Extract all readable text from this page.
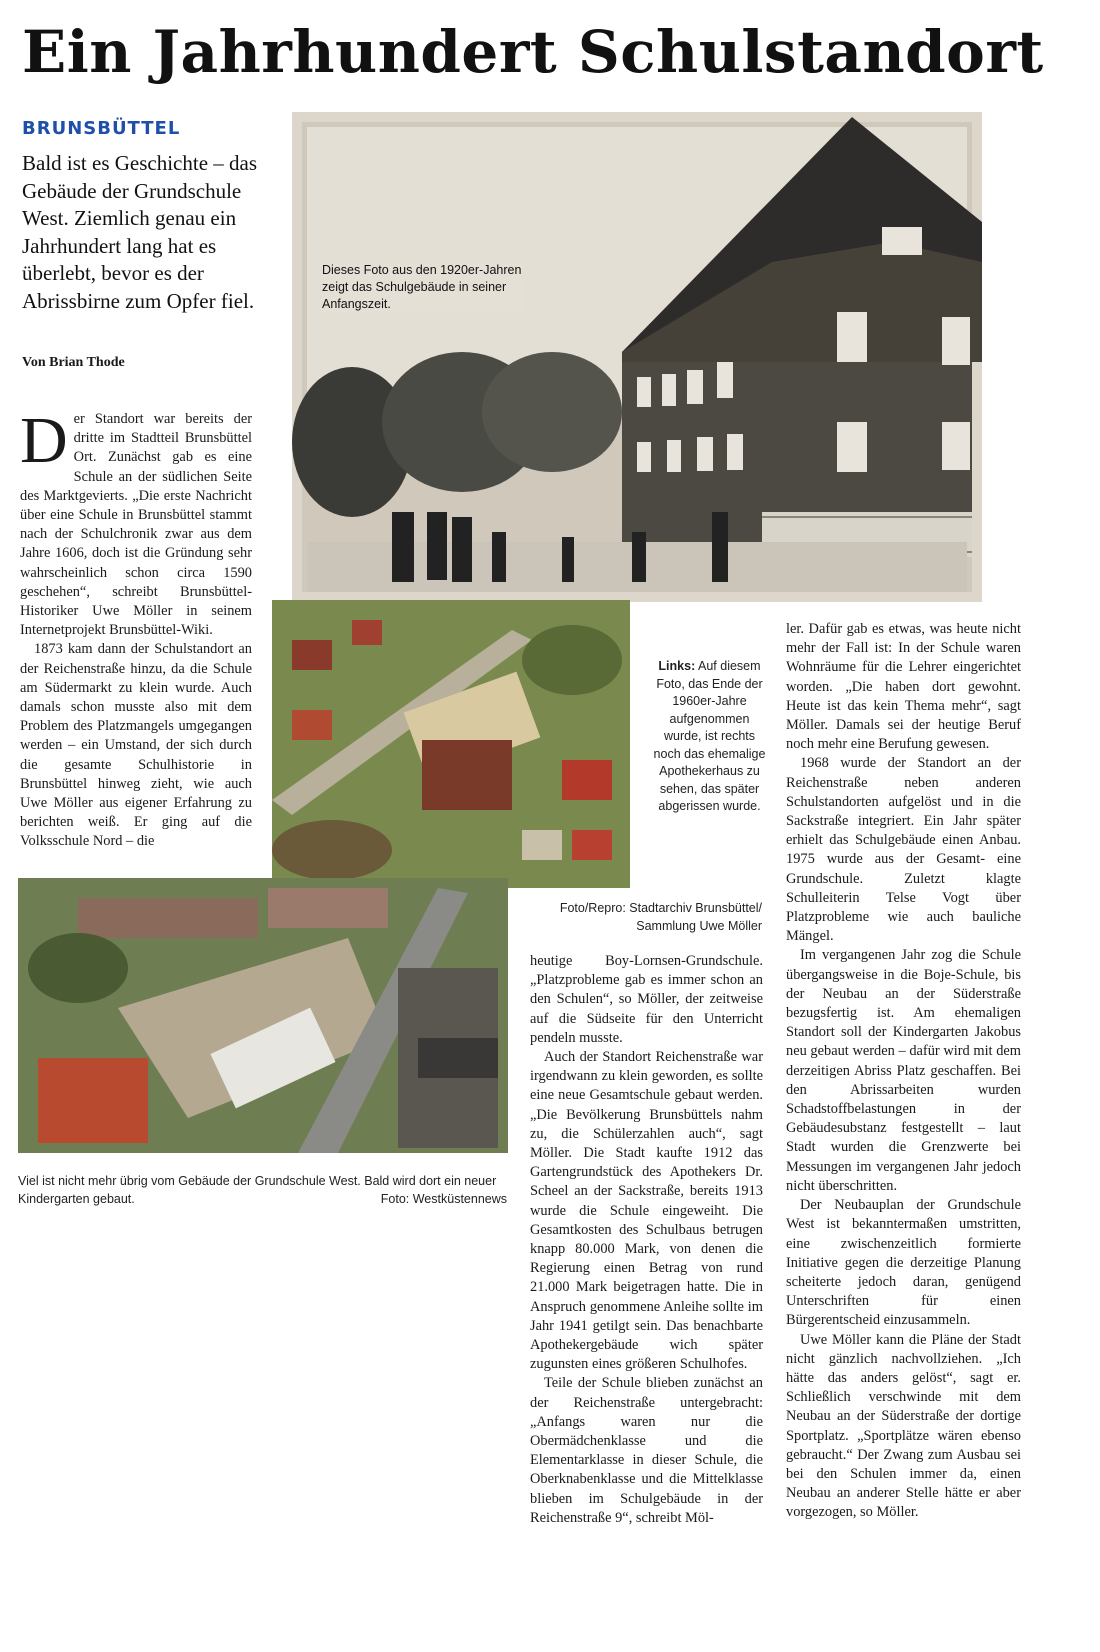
Ein Jahrhundert Schulstandort
BRUNSBÜTTEL
Bald ist es Geschichte – das Gebäude der Grundschule West. Ziemlich genau ein Jahrhundert lang hat es überlebt, bevor es der Abrissbirne zum Opfer fiel.
Von Brian Thode
Dieses Foto aus den 1920er-Jahren zeigt das Schulgebäude in seiner Anfangszeit.

Der Standort war bereits der dritte im Stadtteil Brunsbüttel Ort. Zunächst gab es eine Schule an der südlichen Seite des Marktgevierts. „Die erste Nachricht über eine Schule in Brunsbüttel stammt nach der Schulchronik zwar aus dem Jahre 1606, doch ist die Gründung sehr wahrscheinlich schon circa 1590 geschehen“, schreibt Brunsbüttel-Historiker Uwe Möller in seinem Internetprojekt Brunsbüttel-Wiki.

1873 kam dann der Schulstandort an der Reichenstraße hinzu, da die Schule am Südermarkt zu klein wurde. Auch damals schon musste also mit dem Problem des Platzmangels umgegangen werden – ein Umstand, der sich durch die gesamte Schulhistorie in Brunsbüttel hinweg zieht, wie auch Uwe Möller aus eigener Erfahrung zu berichten weiß. Er ging auf die Volksschule Nord – die

Links: Auf diesem Foto, das Ende der 1960er-Jahre aufgenommen wurde, ist rechts noch das ehemalige Apothekerhaus zu sehen, das später abgerissen wurde.
Foto/Repro: Stadtarchiv Brunsbüttel/ Sammlung Uwe Möller
Viel ist nicht mehr übrig vom Gebäude der Grundschule West. Bald wird dort ein neuer Kindergarten gebaut.	Foto: Westküstennews

heutige Boy-Lornsen-Grundschule. „Platzprobleme gab es immer schon an den Schulen“, so Möller, der zeitweise auf die Südseite für den Unterricht pendeln musste.

Auch der Standort Reichenstraße war irgendwann zu klein geworden, es sollte eine neue Gesamtschule gebaut werden. „Die Bevölkerung Brunsbüttels nahm zu, die Schülerzahlen auch“, sagt Möller. Die Stadt kaufte 1912 das Gartengrundstück des Apothekers Dr. Scheel an der Sackstraße, bereits 1913 wurde die Schule eingeweiht. Die Gesamtkosten des Schulbaus betrugen knapp 80.000 Mark, von denen die Regierung einen Betrag von rund 21.000 Mark beigetragen hatte. Die in Anspruch genommene Anleihe sollte im Jahr 1941 getilgt sein. Das benachbarte Apothekergebäude wich später zugunsten eines größeren Schulhofes.

Teile der Schule blieben zunächst an der Reichenstraße untergebracht: „Anfangs waren nur die Obermädchenklasse und die Elementarklasse in dieser Schule, die Oberknabenklasse und die Mittelklasse blieben im Schulgebäude in der Reichenstraße 9“, schreibt Möl-

ler. Dafür gab es etwas, was heute nicht mehr der Fall ist: In der Schule waren Wohnräume für die Lehrer eingerichtet worden. „Die haben dort gewohnt. Heute ist das kein Thema mehr“, sagt Möller. Damals sei der heutige Beruf noch mehr eine Berufung gewesen.

1968 wurde der Standort an der Reichenstraße neben anderen Schulstandorten aufgelöst und in die Sackstraße integriert. Ein Jahr später erhielt das Schulgebäude einen Anbau. 1975 wurde aus der Gesamt- eine Grundschule. Zuletzt klagte Schulleiterin Telse Vogt über Platzprobleme wie auch bauliche Mängel.

Im vergangenen Jahr zog die Schule übergangsweise in die Boje-Schule, bis der Neubau an der Süderstraße bezugsfertig ist. Am ehemaligen Standort soll der Kindergarten Jakobus neu gebaut werden – dafür wird mit dem derzeitigen Abriss Platz geschaffen. Bei den Abrissarbeiten wurden Schadstoffbelastungen in der Gebäudesubstanz festgestellt – laut Stadt wurden die Grenzwerte bei Messungen im vergangenen Jahr jedoch nicht überschritten.

Der Neubauplan der Grundschule West ist bekanntermaßen umstritten, eine zwischenzeitlich formierte Initiative gegen die derzeitige Planung scheiterte jedoch daran, genügend Unterschriften für einen Bürgerentscheid einzusammeln.

Uwe Möller kann die Pläne der Stadt nicht gänzlich nachvollziehen. „Ich hätte das anders gelöst“, sagt er. Schließlich verschwinde mit dem Neubau an der Süderstraße der dortige Sportplatz. „Sportplätze wären ebenso gebraucht.“ Der Zwang zum Ausbau sei bei den Schulen immer da, einen Neubau an anderer Stelle hätte er aber vorgezogen, so Möller.
